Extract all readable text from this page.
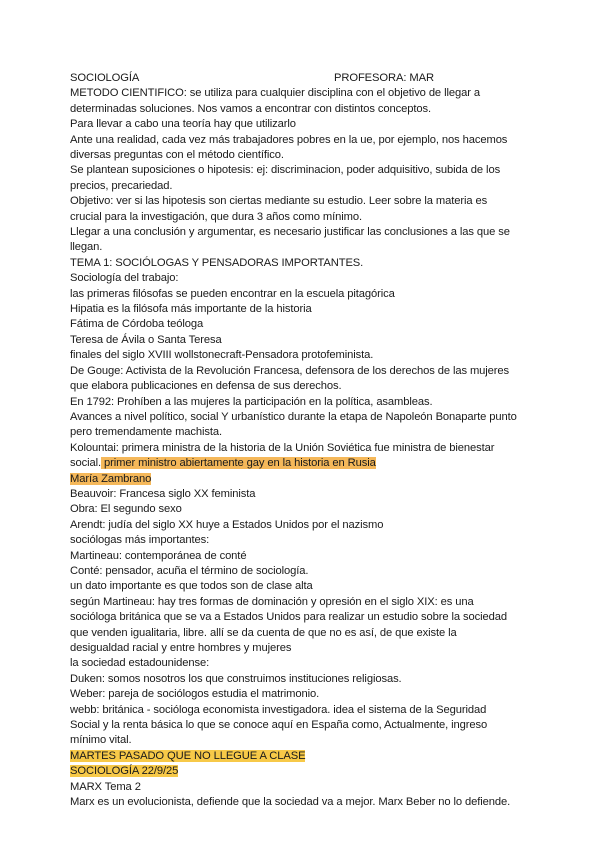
SOCIOLOGÍA	PROFESORA: MAR
METODO CIENTIFICO: se utiliza para cualquier disciplina con el objetivo de llegar a
determinadas soluciones. Nos vamos a encontrar con distintos conceptos.
Para llevar a cabo una teoría hay que utilizarlo
Ante una realidad, cada vez más trabajadores pobres en la ue, por ejemplo, nos hacemos
diversas preguntas con el método científico.
Se plantean suposiciones o hipotesis: ej: discriminacion, poder adquisitivo, subida de los
precios, precariedad.
Objetivo: ver si las hipotesis son ciertas mediante su estudio. Leer sobre la materia es
crucial para la investigación, que dura 3 años como mínimo.
Llegar a una conclusión y argumentar, es necesario justificar las conclusiones a las que se
llegan.
TEMA 1: SOCIÓLOGAS Y PENSADORAS IMPORTANTES.
Sociología del trabajo:
las primeras filósofas se pueden encontrar en la escuela pitagórica
Hipatia es la filósofa más importante de la historia
Fátima de Córdoba teóloga
Teresa de Ávila o Santa Teresa
finales del siglo XVIII wollstonecraft-Pensadora protofeminista.
De Gouge: Activista de la Revolución Francesa, defensora de los derechos de las mujeres
que elabora publicaciones en defensa de sus derechos.
En 1792: Prohíben a las mujeres la participación en la política, asambleas.
Avances a nivel político, social Y urbanístico durante la etapa de Napoleón Bonaparte punto
pero tremendamente machista.
Kolountai: primera ministra de la historia de la Unión Soviética fue ministra de bienestar
social. primer ministro abiertamente gay en la historia en Rusia
María Zambrano
Beauvoir: Francesa siglo XX feminista
Obra: El segundo sexo
Arendt: judía del siglo XX huye a Estados Unidos por el nazismo
sociólogas más importantes:
Martineau: contemporánea de conté
Conté: pensador, acuña el término de sociología.
un dato importante es que todos son de clase alta
según Martineau: hay tres formas de dominación y opresión en el siglo XIX: es una
socióloga británica que se va a Estados Unidos para realizar un estudio sobre la sociedad
que venden igualitaria, libre. allí se da cuenta de que no es así, de que existe la
desigualdad racial y entre hombres y mujeres
la sociedad estadounidense:
Duken: somos nosotros los que construimos instituciones religiosas.
Weber: pareja de sociólogos estudia el matrimonio.
webb: británica - socióloga economista investigadora. idea el sistema de la Seguridad
Social y la renta básica lo que se conoce aquí en España como, Actualmente, ingreso
mínimo vital.
MARTES PASADO QUE NO LLEGUE A CLASE
SOCIOLOGÍA 22/9/25
MARX Tema 2
Marx es un evolucionista, defiende que la sociedad va a mejor. Marx Beber no lo defiende.
